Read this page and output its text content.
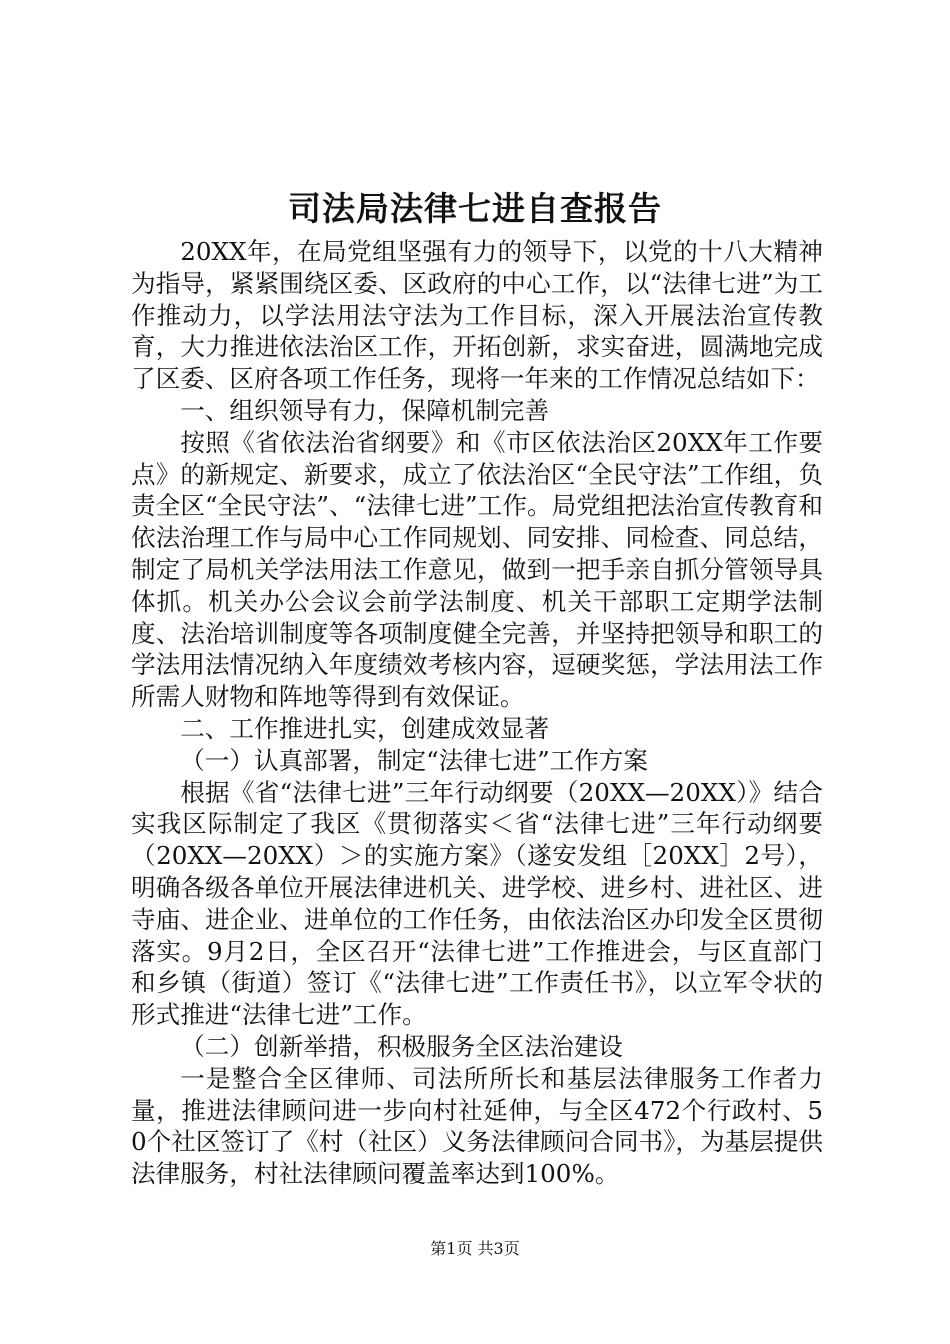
司法局法律七进自查报告

20XX年，在局党组坚强有力的领导下，以党的十八大精神为指导，紧紧围绕区委、区政府的中心工作，以“法律七进”为工作推动力，以学法用法守法为工作目标，深入开展法治宣传教育，大力推进依法治区工作，开拓创新，求实奋进，圆满地完成了区委、区府各项工作任务，现将一年来的工作情况总结如下：

一、组织领导有力，保障机制完善

按照《省依法治省纲要》和《市区依法治区20XX年工作要点》的新规定、新要求，成立了依法治区“全民守法”工作组，负责全区“全民守法”、“法律七进”工作。局党组把法治宣传教育和依法治理工作与局中心工作同规划、同安排、同检查、同总结，制定了局机关学法用法工作意见，做到一把手亲自抓分管领导具体抓。机关办公会议会前学法制度、机关干部职工定期学法制度、法治培训制度等各项制度健全完善，并坚持把领导和职工的学法用法情况纳入年度绩效考核内容，逗硬奖惩，学法用法工作所需人财物和阵地等得到有效保证。

二、工作推进扎实，创建成效显著

（一）认真部署，制定“法律七进”工作方案

根据《省“法律七进”三年行动纲要（20XX—20XX）》结合实我区际制定了我区《贯彻落实＜省“法律七进”三年行动纲要（20XX—20XX）＞的实施方案》（遂安发组［20XX］2号），明确各级各单位开展法律进机关、进学校、进乡村、进社区、进寺庙、进企业、进单位的工作任务，由依法治区办印发全区贯彻落实。9月2日，全区召开“法律七进”工作推进会，与区直部门和乡镇（街道）签订《“法律七进”工作责任书》，以立军令状的形式推进“法律七进”工作。

（二）创新举措，积极服务全区法治建设

一是整合全区律师、司法所所长和基层法律服务工作者力量，推进法律顾问进一步向村社延伸，与全区472个行政村、50个社区签订了《村（社区）义务法律顾问合同书》，为基层提供法律服务，村社法律顾问覆盖率达到100%。

第1页 共3页
